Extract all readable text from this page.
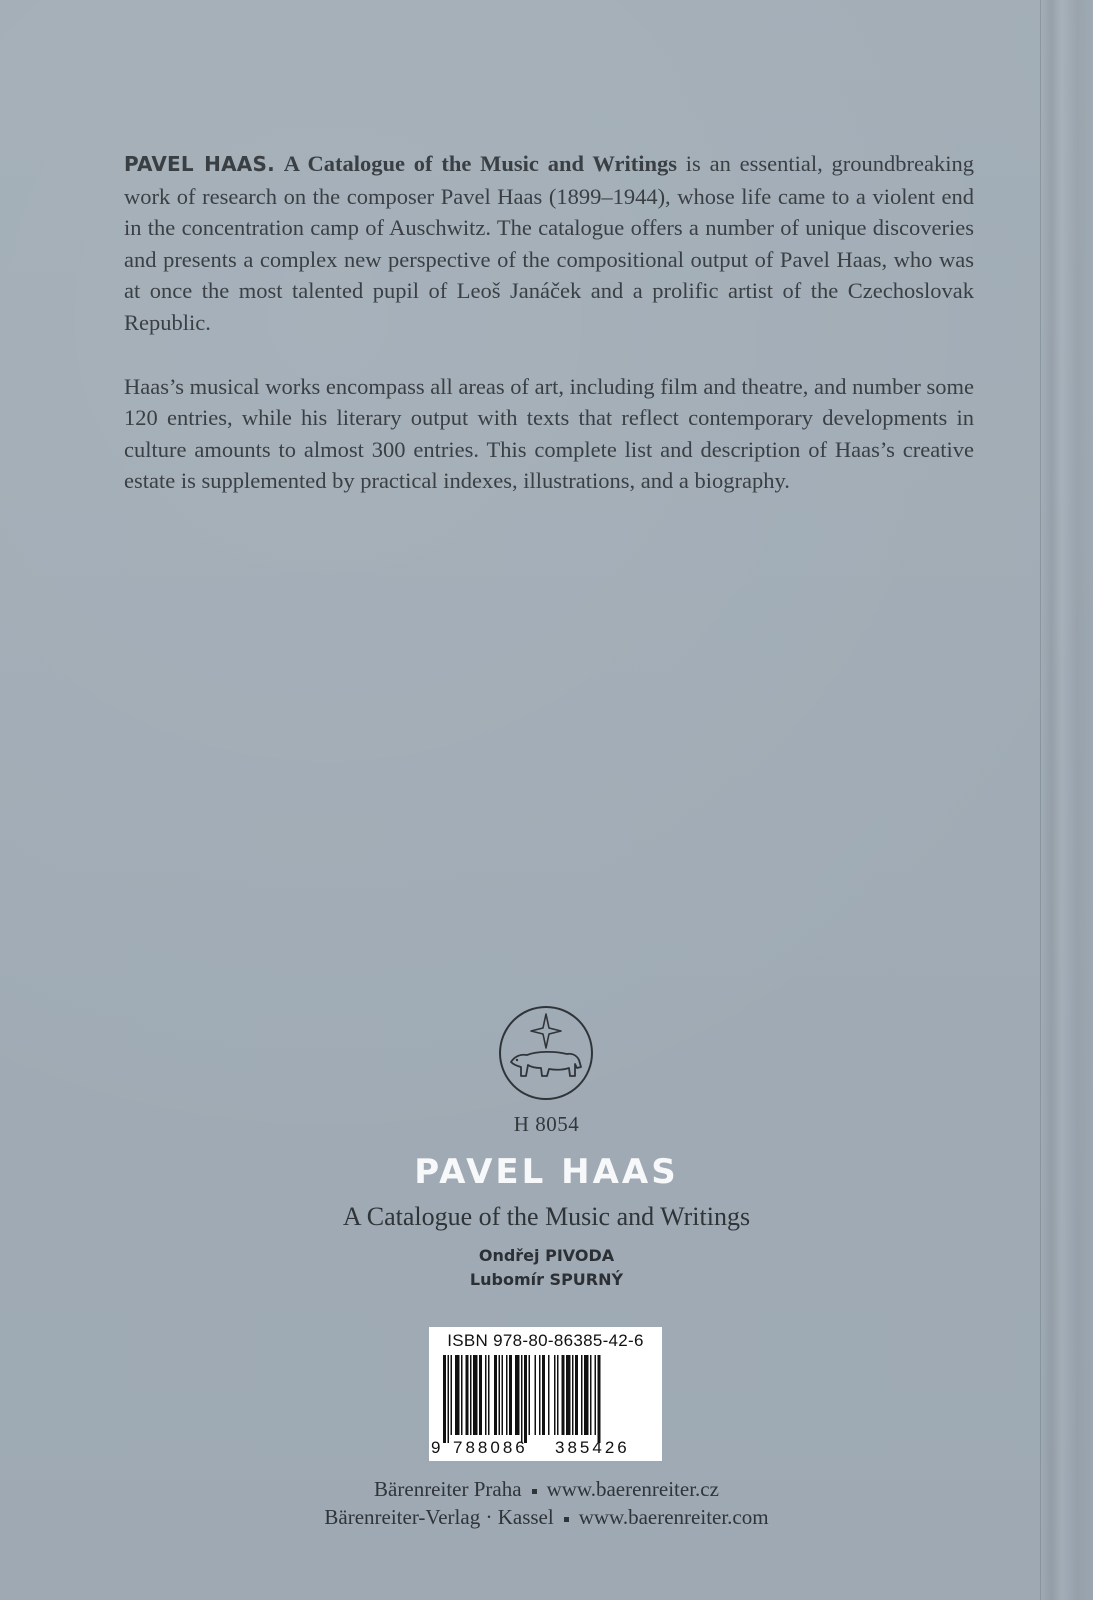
PAVEL HAAS. A Catalogue of the Music and Writings is an essential, groundbreaking work of research on the composer Pavel Haas (1899–1944), whose life came to a violent end in the concentration camp of Auschwitz. The catalogue offers a number of unique discoveries and presents a complex new perspective of the compositional output of Pavel Haas, who was at once the most talented pupil of Leoš Janáček and a prolific artist of the Czechoslovak Republic.

Haas’s musical works encompass all areas of art, including film and theatre, and number some 120 entries, while his literary output with texts that reflect contemporary developments in culture amounts to almost 300 entries. This complete list and description of Haas’s creative estate is supplemented by practical indexes, illustrations, and a biography.

H 8054
PAVEL HAAS
A Catalogue of the Music and Writings
Ondřej PIVODA
Lubomír SPURNÝ
ISBN 978-80-86385-42-6
9 788086 385426
Bärenreiter Praha www.baerenreiter.cz
Bärenreiter-Verlag · Kassel www.baerenreiter.com
